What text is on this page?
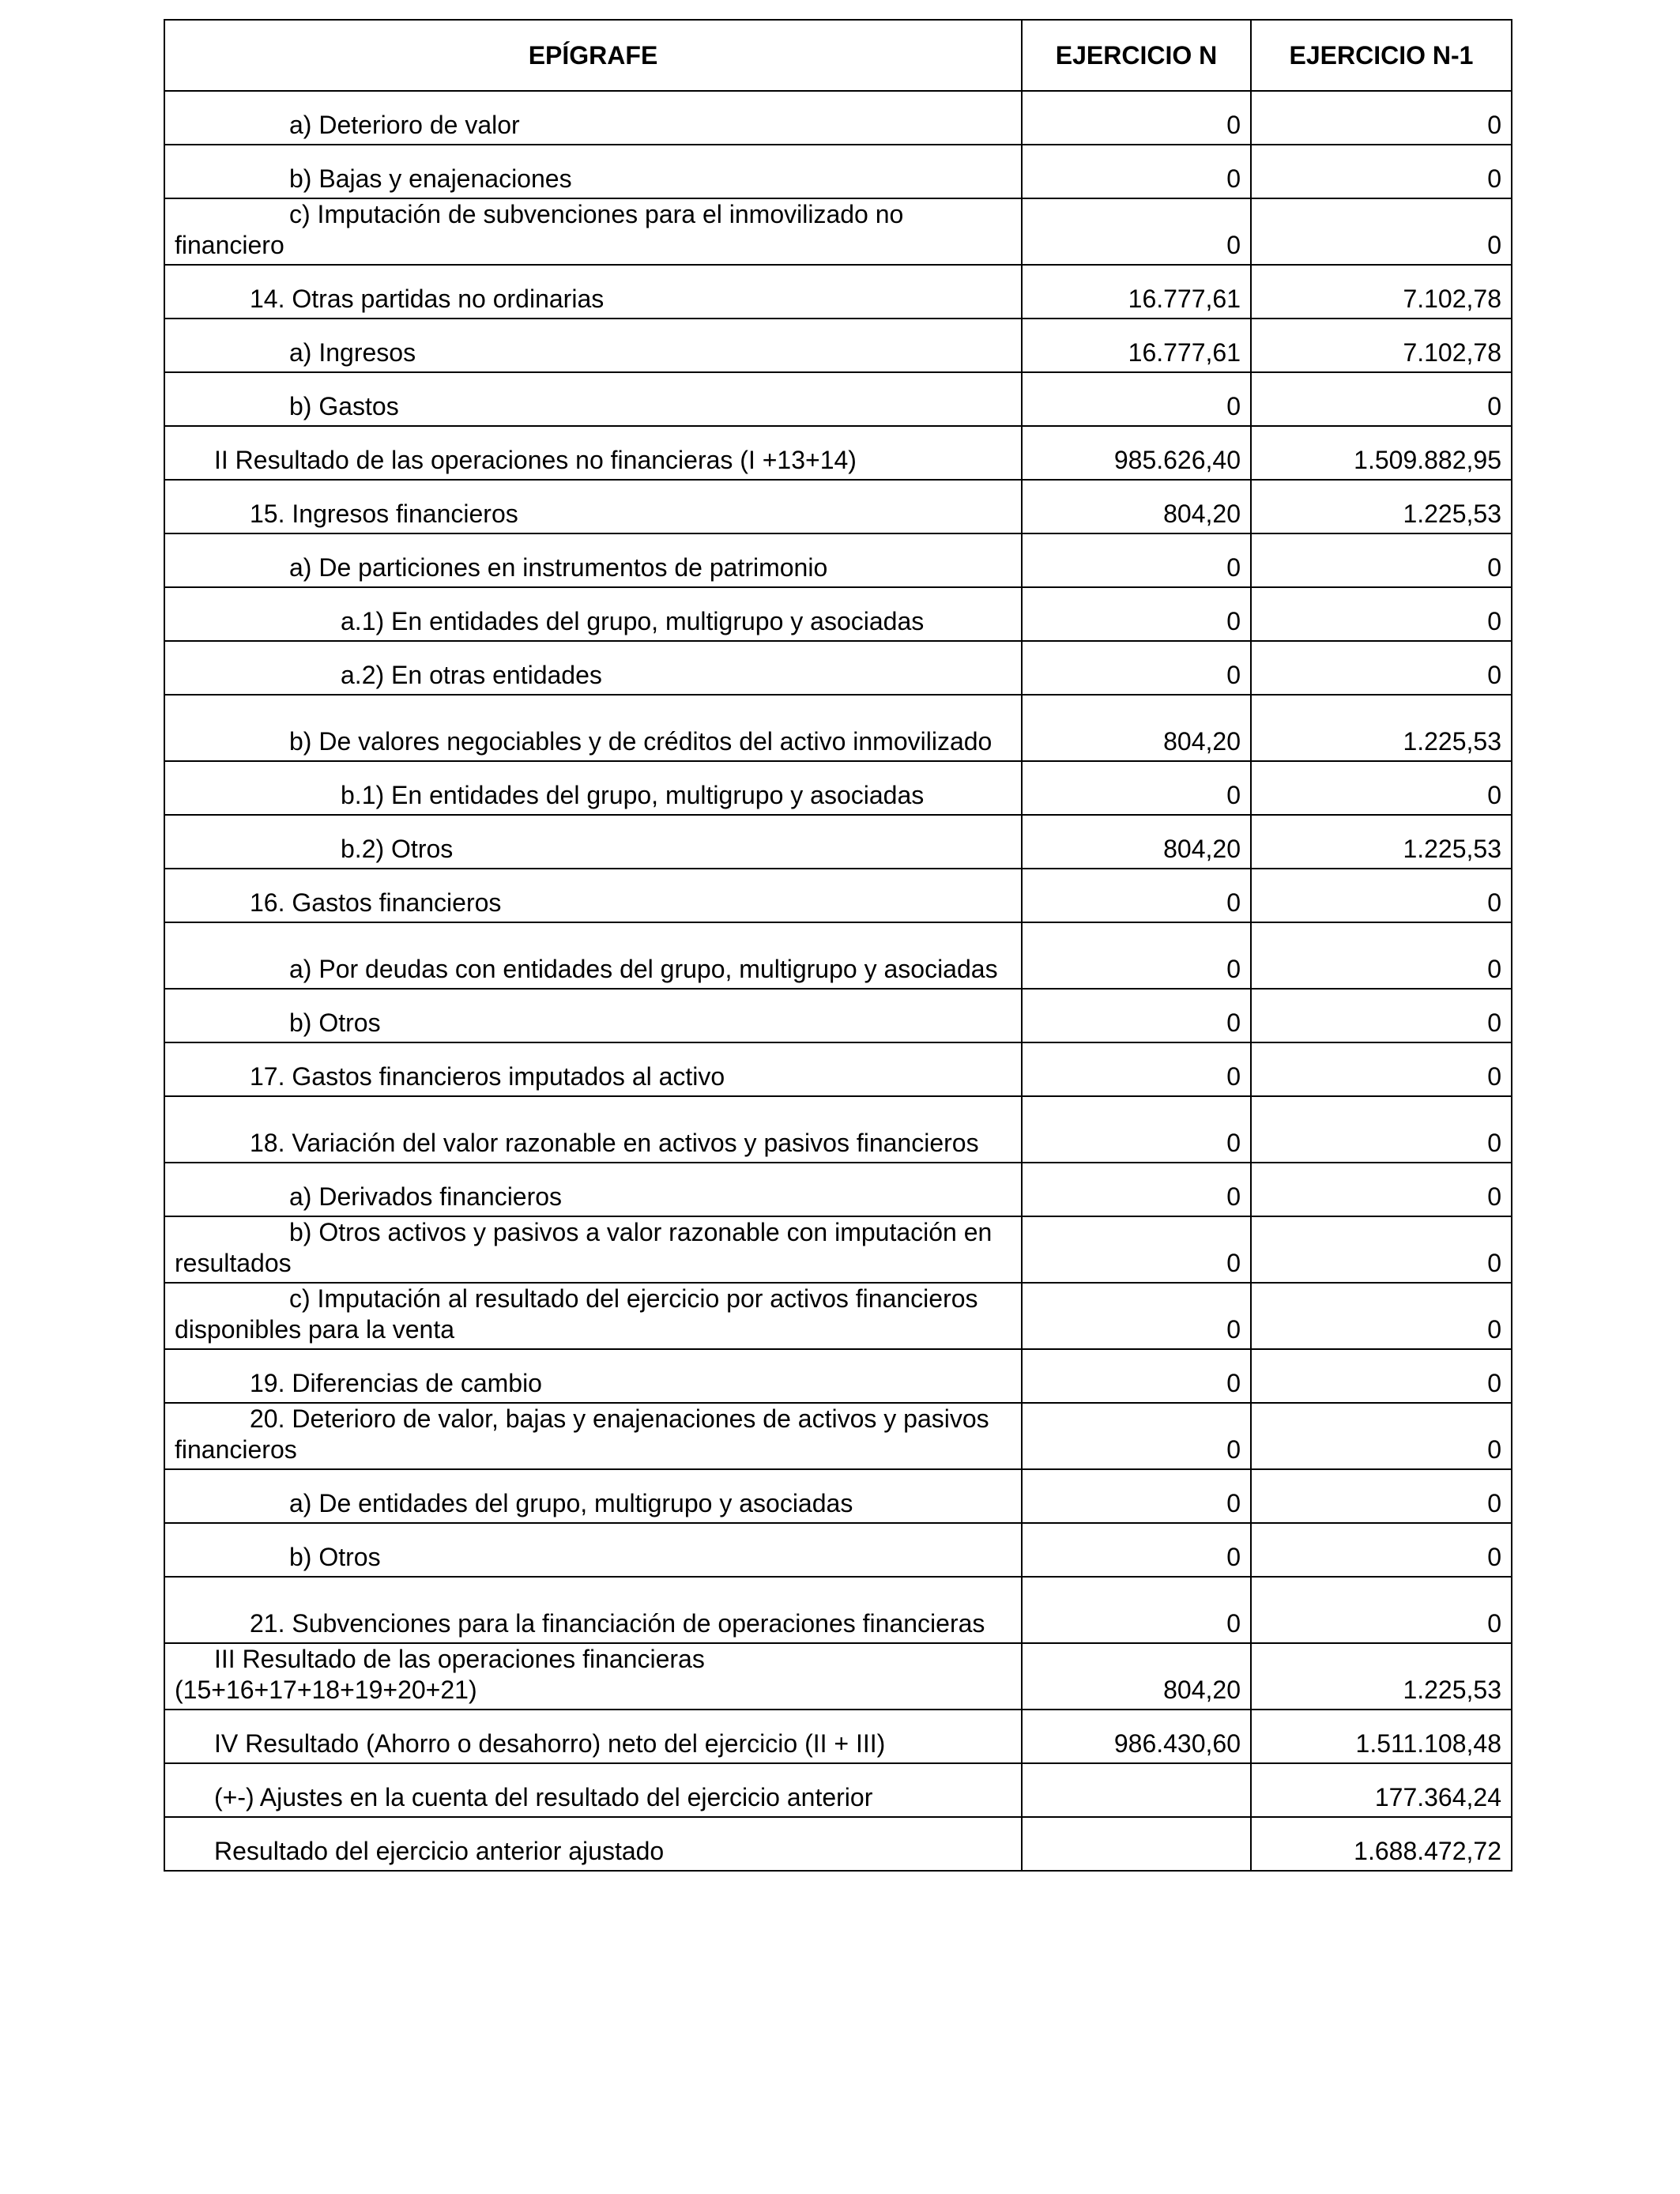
EPÍGRAFE	EJERCICIO N	EJERCICIO N-1

a) Deterioro de valor	0	0

b) Bajas y enajenaciones	0	0

c) Imputación de subvenciones para el inmovilizado no financiero	0	0

14. Otras partidas no ordinarias	16.777,61	7.102,78

a) Ingresos	16.777,61	7.102,78

b) Gastos	0	0

II Resultado de las operaciones no financieras (I +13+14)	985.626,40	1.509.882,95

15. Ingresos financieros	804,20	1.225,53

a) De particiones en instrumentos de patrimonio	0	0

a.1) En entidades del grupo, multigrupo y asociadas	0	0

a.2) En otras entidades	0	0

b) De valores negociables y de créditos del activo inmovilizado	804,20	1.225,53

b.1) En entidades del grupo, multigrupo y asociadas	0	0

b.2) Otros	804,20	1.225,53

16. Gastos financieros	0	0

a) Por deudas con entidades del grupo, multigrupo y asociadas	0	0

b) Otros	0	0

17. Gastos financieros imputados al activo	0	0

18. Variación del valor razonable en activos y pasivos financieros	0	0

a) Derivados financieros	0	0

b) Otros activos y pasivos a valor razonable con imputación en resultados	0	0

c) Imputación al resultado del ejercicio por activos financieros disponibles para la venta	0	0

19. Diferencias de cambio	0	0

20. Deterioro de valor, bajas y enajenaciones de activos y pasivos financieros	0	0

a) De entidades del grupo, multigrupo y asociadas	0	0

b) Otros	0	0

21. Subvenciones para la financiación de operaciones financieras	0	0

III Resultado de las operaciones financieras (15+16+17+18+19+20+21)	804,20	1.225,53

IV Resultado (Ahorro o desahorro) neto del ejercicio (II + III)	986.430,60	1.511.108,48

(+-) Ajustes en la cuenta del resultado del ejercicio anterior		177.364,24

Resultado del ejercicio anterior ajustado		1.688.472,72
